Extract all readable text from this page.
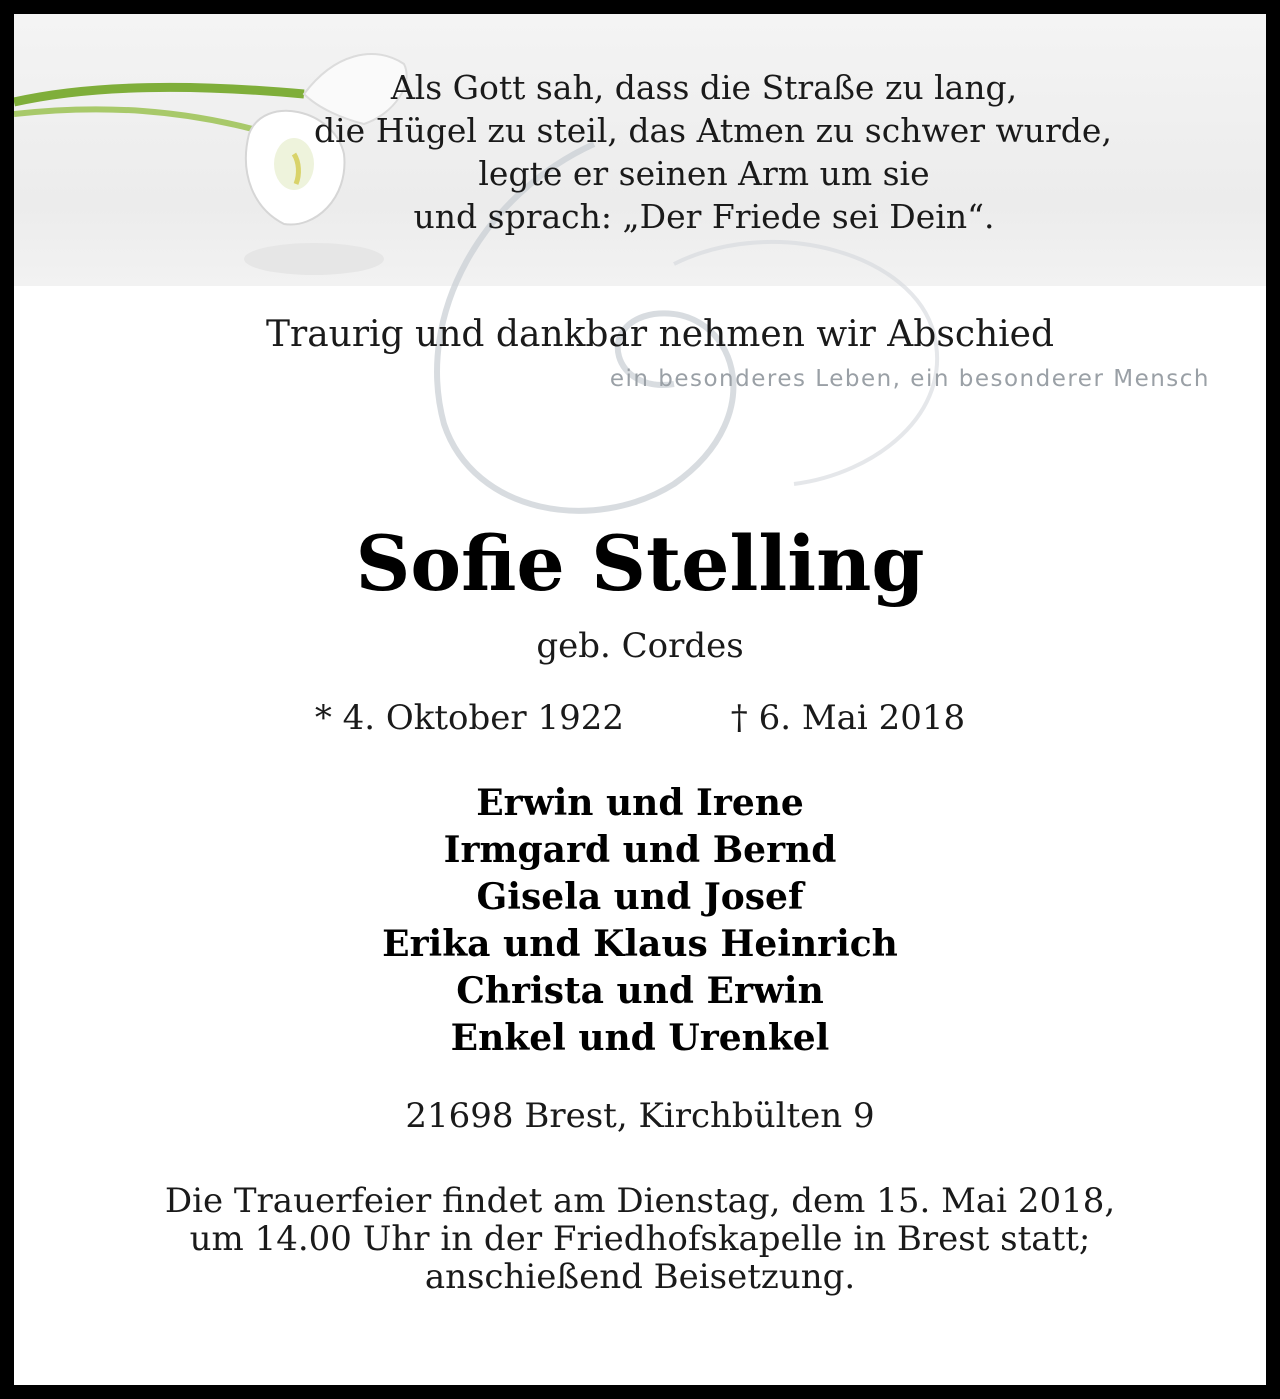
Als Gott sah, dass die Straße zu lang,
die Hügel zu steil, das Atmen zu schwer wurde,
legte er seinen Arm um sie
und sprach: „Der Friede sei Dein“.
Traurig und dankbar nehmen wir Abschied
ein besonderes Leben, ein besonderer Mensch
Sofie Stelling
geb. Cordes
* 4. Oktober 1922	† 6. Mai 2018
Erwin und Irene
Irmgard und Bernd
Gisela und Josef
Erika und Klaus Heinrich
Christa und Erwin
Enkel und Urenkel
21698 Brest, Kirchbülten 9
Die Trauerfeier findet am Dienstag, dem 15. Mai 2018,
um 14.00 Uhr in der Friedhofskapelle in Brest statt;
anschießend Beisetzung.
